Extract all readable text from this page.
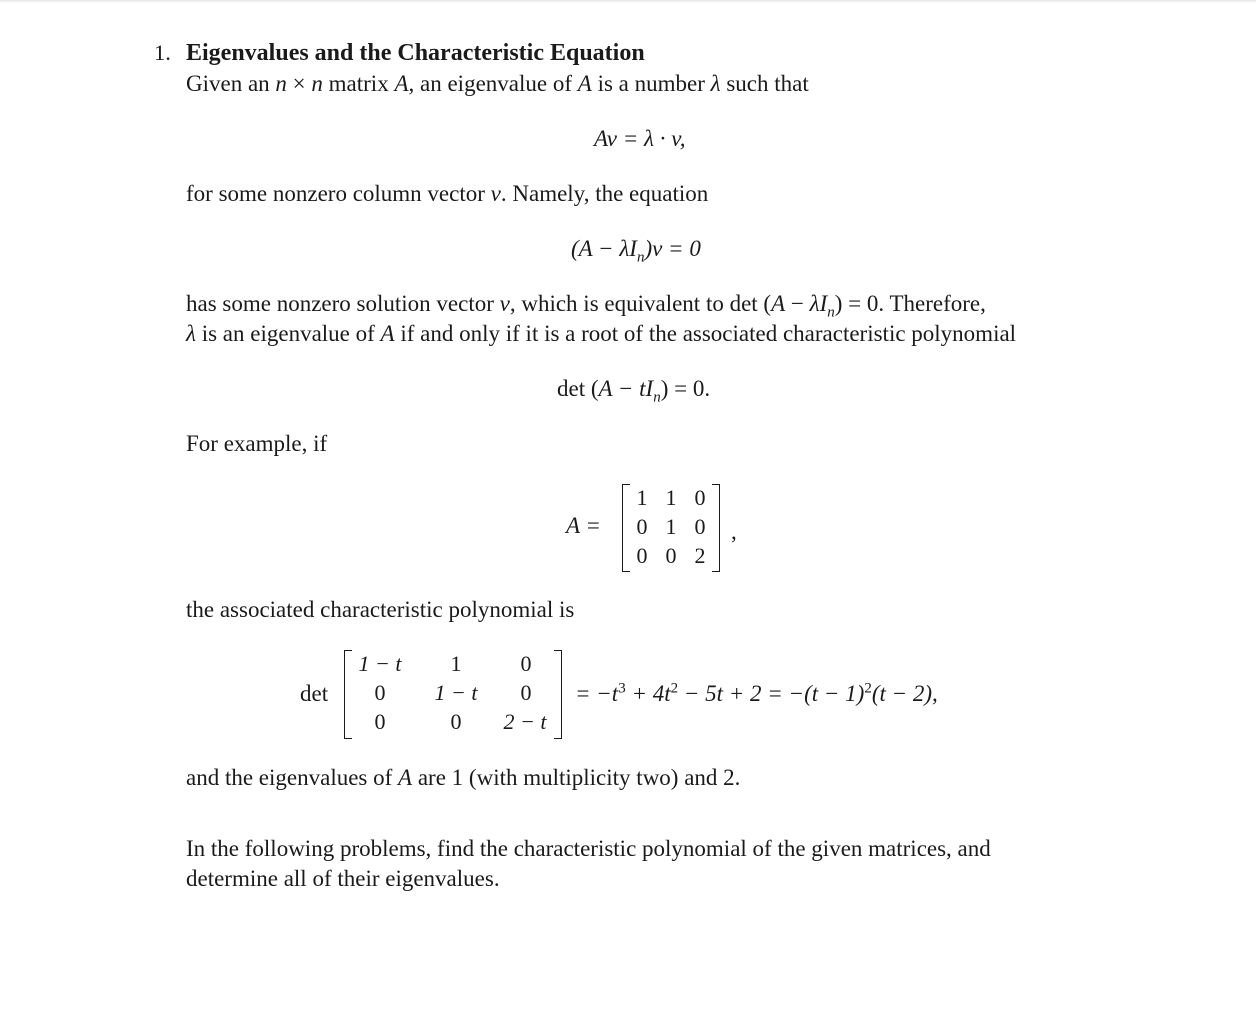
1. Eigenvalues and the Characteristic Equation
Given an n × n matrix A, an eigenvalue of A is a number λ such that
Av = λ · v,
for some nonzero column vector v. Namely, the equation
$(A - \lambda I_n)v = 0$
has some nonzero solution vector v, which is equivalent to $\det (A - \lambda I_n) = 0$. Therefore,
λ is an eigenvalue of A if and only if it is a root of the associated characteristic polynomial
$\det (A - tI_n) = 0$.
For example, if
A =
1 1 0
0 1 0
0 0 2
,
the associated characteristic polynomial is
det
1 − t	1	0
0	1 − t	0
0	0	2 − t
= $-t^3 + 4t^2 - 5t + 2 = -(t - 1)^2(t - 2)$,
and the eigenvalues of A are 1 (with multiplicity two) and 2.
In the following problems, find the characteristic polynomial of the given matrices, and
determine all of their eigenvalues.
